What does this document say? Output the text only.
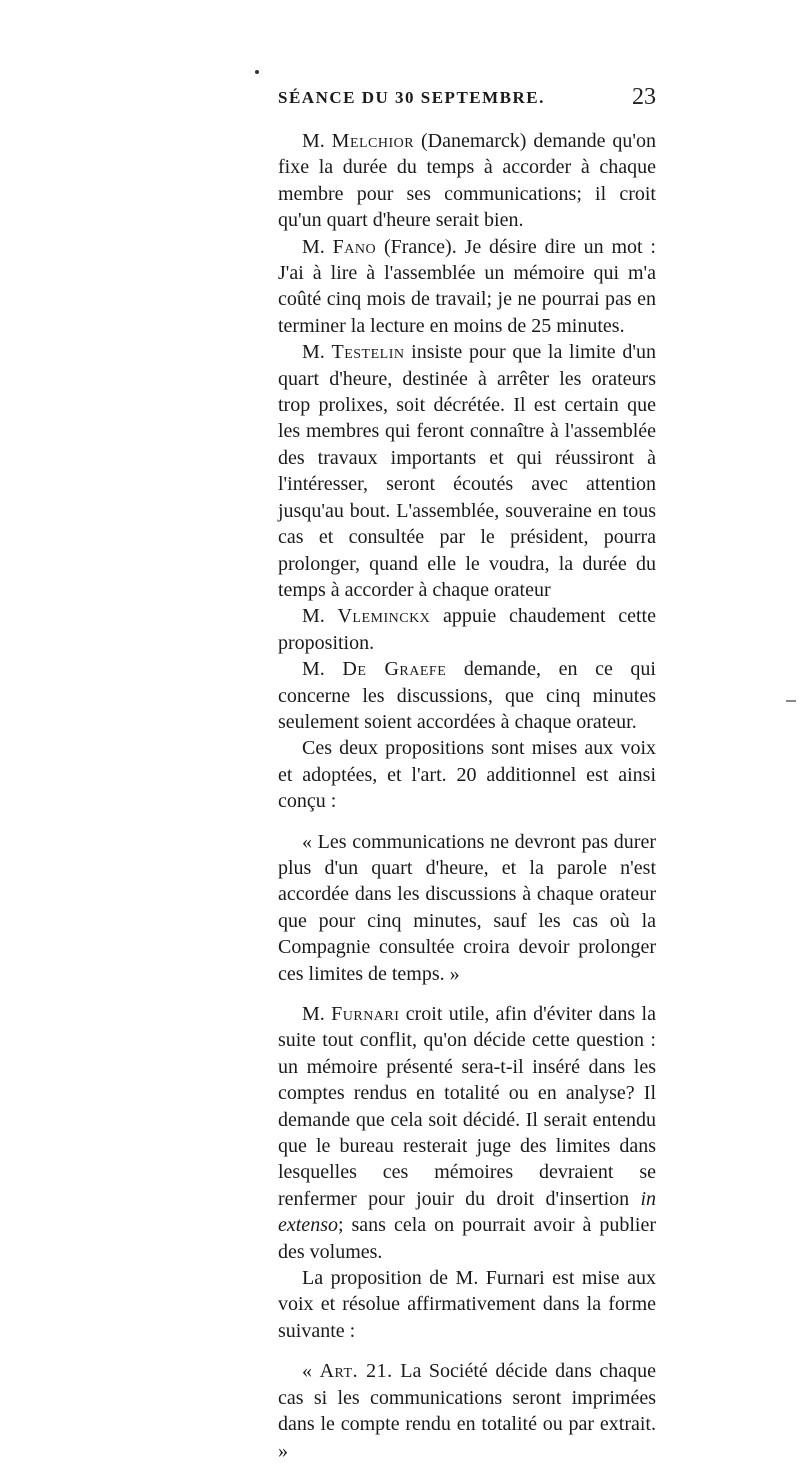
SÉANCE DU 30 SEPTEMBRE.	23

M. Melchior (Danemarck) demande qu'on fixe la durée du temps à accorder à chaque membre pour ses communications; il croit qu'un quart d'heure serait bien.

M. Fano (France). Je désire dire un mot : J'ai à lire à l'assemblée un mémoire qui m'a coûté cinq mois de travail; je ne pourrai pas en terminer la lecture en moins de 25 minutes.

M. Testelin insiste pour que la limite d'un quart d'heure, destinée à arrêter les orateurs trop prolixes, soit décrétée. Il est certain que les membres qui feront connaître à l'assemblée des travaux importants et qui réussiront à l'intéresser, seront écoutés avec attention jusqu'au bout. L'assemblée, souveraine en tous cas et consultée par le président, pourra prolonger, quand elle le voudra, la durée du temps à accorder à chaque orateur

M. Vleminckx appuie chaudement cette proposition.

M. De Graefe demande, en ce qui concerne les discussions, que cinq minutes seulement soient accordées à chaque orateur.

Ces deux propositions sont mises aux voix et adoptées, et l'art. 20 additionnel est ainsi conçu :

« Les communications ne devront pas durer plus d'un quart d'heure, et la parole n'est accordée dans les discussions à chaque orateur que pour cinq minutes, sauf les cas où la Compagnie consultée croira devoir prolonger ces limites de temps. »

M. Furnari croit utile, afin d'éviter dans la suite tout conflit, qu'on décide cette question : un mémoire présenté sera-t-il inséré dans les comptes rendus en totalité ou en analyse? Il demande que cela soit décidé. Il serait entendu que le bureau resterait juge des limites dans lesquelles ces mémoires devraient se renfermer pour jouir du droit d'insertion in extenso; sans cela on pourrait avoir à publier des volumes.

La proposition de M. Furnari est mise aux voix et résolue affirmativement dans la forme suivante :

« Art. 21. La Société décide dans chaque cas si les communications seront imprimées dans le compte rendu en totalité ou par extrait. »
